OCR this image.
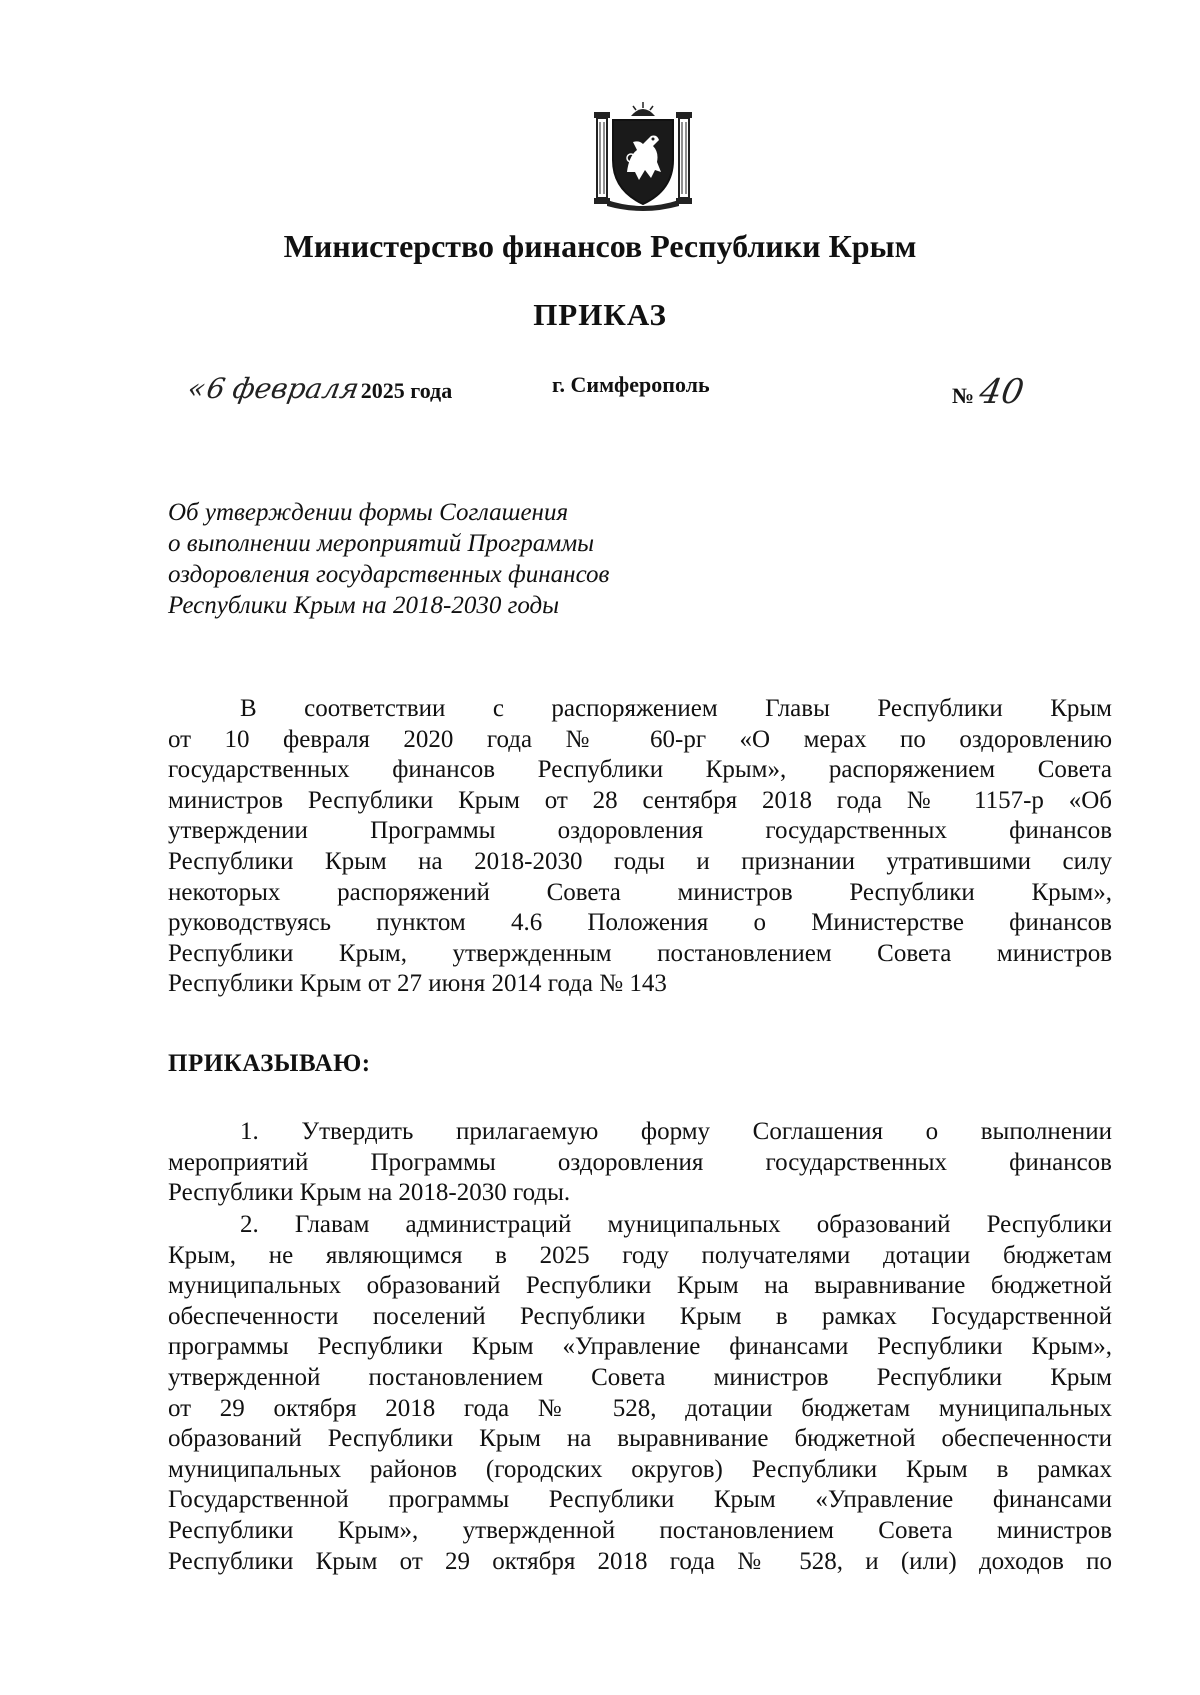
Министерство финансов Республики Крым
ПРИКАЗ
«
6 февраля 2025 года	г. Симферополь	№ 40
Об утверждении формы Соглашения
о выполнении мероприятий Программы
оздоровления государственных финансов
Республики Крым на 2018-2030 годы
В соответствии с распоряжением Главы Республики Крым
от 10 февраля 2020 года № 60-рг «О мерах по оздоровлению
государственных финансов Республики Крым», распоряжением Совета
министров Республики Крым от 28 сентября 2018 года № 1157-р «Об
утверждении Программы оздоровления государственных финансов
Республики Крым на 2018-2030 годы и признании утратившими силу
некоторых распоряжений Совета министров Республики Крым»,
руководствуясь пунктом 4.6 Положения о Министерстве финансов
Республики Крым, утвержденным постановлением Совета министров
Республики Крым от 27 июня 2014 года № 143
ПРИКАЗЫВАЮ:
1. Утвердить прилагаемую форму Соглашения о выполнении
мероприятий Программы оздоровления государственных финансов
Республики Крым на 2018-2030 годы.
2. Главам администраций муниципальных образований Республики
Крым, не являющимся в 2025 году получателями дотации бюджетам
муниципальных образований Республики Крым на выравнивание бюджетной
обеспеченности поселений Республики Крым в рамках Государственной
программы Республики Крым «Управление финансами Республики Крым»,
утвержденной постановлением Совета министров Республики Крым
от 29 октября 2018 года № 528, дотации бюджетам муниципальных
образований Республики Крым на выравнивание бюджетной обеспеченности
муниципальных районов (городских округов) Республики Крым в рамках
Государственной программы Республики Крым «Управление финансами
Республики Крым», утвержденной постановлением Совета министров
Республики Крым от 29 октября 2018 года № 528, и (или) доходов по
